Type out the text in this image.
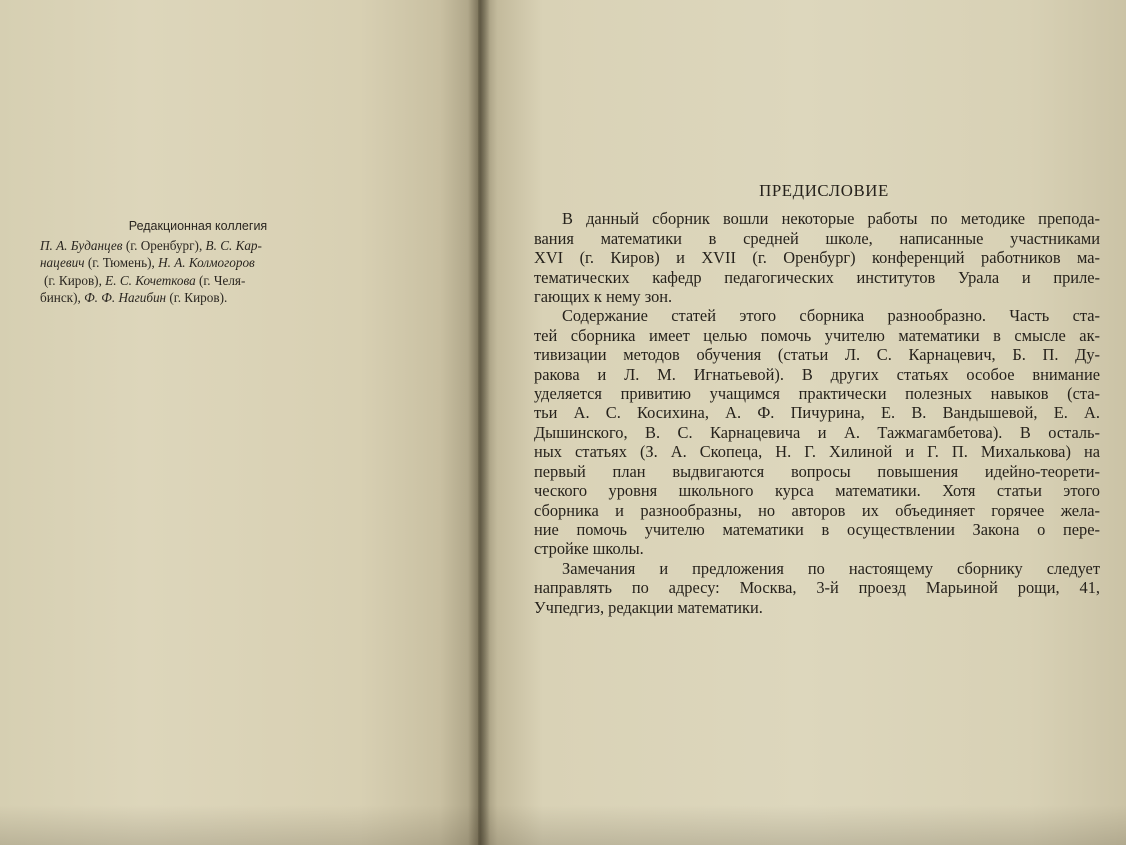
Редакционная коллегия
П. А. Буданцев (г. Оренбург), В. С. Кар-
нацевич (г. Тюмень), Н. А. Колмогоров
(г. Киров), Е. С. Кочеткова (г. Челя-
бинск), Ф. Ф. Нагибин (г. Киров).
ПРЕДИСЛОВИЕ

В данный сборник вошли некоторые работы по методике препода-
вания математики в средней школе, написанные участниками
XVI (г. Киров) и XVII (г. Оренбург) конференций работников ма-
тематических кафедр педагогических институтов Урала и приле-
гающих к нему зон.

Содержание статей этого сборника разнообразно. Часть ста-
тей сборника имеет целью помочь учителю математики в смысле ак-
тивизации методов обучения (статьи Л. С. Карнацевич, Б. П. Ду-
ракова и Л. М. Игнатьевой). В других статьях особое внимание
уделяется привитию учащимся практически полезных навыков (ста-
тьи А. С. Косихина, А. Ф. Пичурина, Е. В. Вандышевой, Е. А.
Дышинского, В. С. Карнацевича и А. Тажмагамбетова). В осталь-
ных статьях (З. А. Скопеца, Н. Г. Хилиной и Г. П. Михалькова) на
первый план выдвигаются вопросы повышения идейно-теорети-
ческого уровня школьного курса математики. Хотя статьи этого
сборника и разнообразны, но авторов их объединяет горячее жела-
ние помочь учителю математики в осуществлении Закона о пере-
стройке школы.

Замечания и предложения по настоящему сборнику следует
направлять по адресу: Москва, 3-й проезд Марьиной рощи, 41,
Учпедгиз, редакции математики.
